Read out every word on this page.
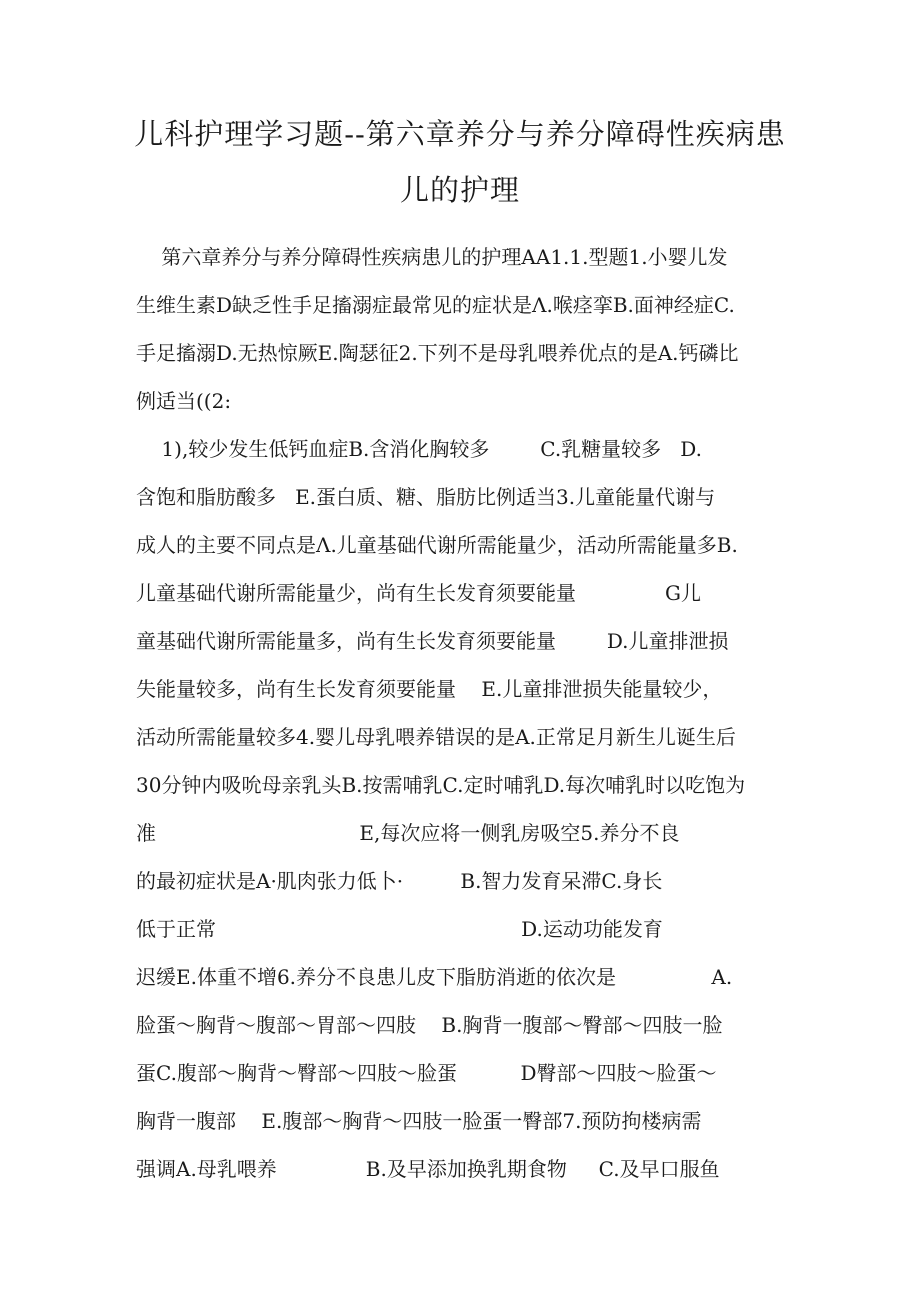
儿科护理学习题--第六章养分与养分障碍性疾病患
儿的护理

第六章养分与养分障碍性疾病患儿的护理AA1.1.型题1.小婴儿发

生维生素D缺乏性手足搐溺症最常见的症状是Λ.喉痉挛B.面神经症C.

手足搐溺D.无热惊厥E.陶瑟征2.下列不是母乳喂养优点的是A.钙磷比

例适当((2:

1),较少发生低钙血症B.含消化胸较多        C.乳糖量较多   D.

含饱和脂肪酸多   E.蛋白质、糖、脂肪比例适当3.儿童能量代谢与

成人的主要不同点是Λ.儿童基础代谢所需能量少，活动所需能量多B.

儿童基础代谢所需能量少，尚有生长发育须要能量              G儿

童基础代谢所需能量多，尚有生长发育须要能量        D.儿童排泄损

失能量较多，尚有生长发育须要能量    E.儿童排泄损失能量较少，

活动所需能量较多4.婴儿母乳喂养错误的是A.正常足月新生儿诞生后

30分钟内吸吮母亲乳头B.按需哺乳C.定时哺乳D.每次哺乳时以吃饱为

准                                E,每次应将一侧乳房吸空5.养分不良

的最初症状是A·肌肉张力低卜·         B.智力发育呆滞C.身长

低于正常                                                D.运动功能发育

迟缓E.体重不增6.养分不良患儿皮下脂肪消逝的依次是               A.

脸蛋～胸背～腹部～胃部～四肢    B.胸背一腹部～臀部～四肢一脸

蛋C.腹部～胸背～臀部～四肢～脸蛋          D臀部～四肢～脸蛋～

胸背一腹部    E.腹部～胸背～四肢一脸蛋一臀部7.预防拘楼病需

强调A.母乳喂养              B.及早添加换乳期食物     C.及早口服鱼
